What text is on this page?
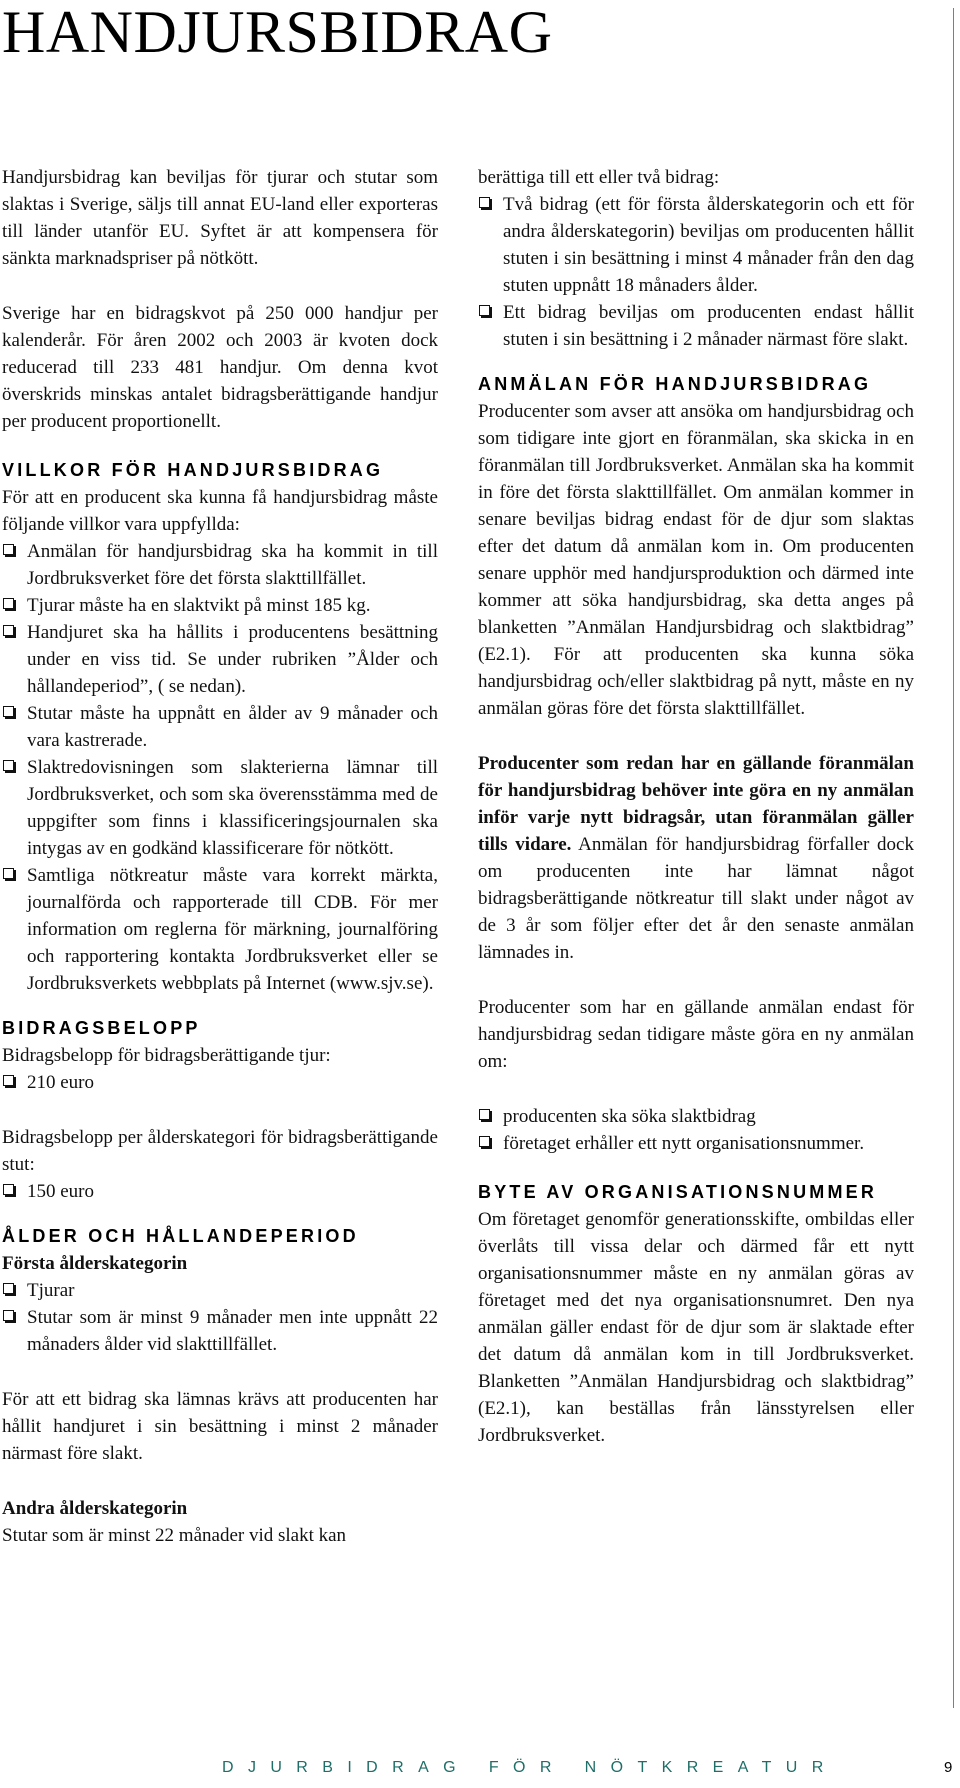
HANDJURSBIDRAG

Handjursbidrag kan beviljas för tjurar och stutar som slaktas i Sverige, säljs till annat EU-land eller exporteras till länder utanför EU. Syftet är att kompensera för sänkta marknadspriser på nötkött.

Sverige har en bidragskvot på 250 000 handjur per kalenderår. För åren 2002 och 2003 är kvoten dock reducerad till 233 481 handjur. Om denna kvot överskrids minskas antalet bidragsberättigande handjur per producent proportionellt.

VILLKOR FÖR HANDJURSBIDRAG

För att en producent ska kunna få handjursbidrag måste följande villkor vara uppfyllda:

Anmälan för handjursbidrag ska ha kommit in till Jordbruksverket före det första slakttillfället.
Tjurar måste ha en slaktvikt på minst 185 kg.
Handjuret ska ha hållits i producentens besättning under en viss tid. Se under rubriken ”Ålder och hållandeperiod”, ( se nedan).
Stutar måste ha uppnått en ålder av 9 månader och vara kastrerade.
Slaktredovisningen som slakterierna lämnar till Jordbruksverket, och som ska överensstämma med de uppgifter som finns i klassificeringsjournalen ska intygas av en godkänd klassificerare för nötkött.
Samtliga nötkreatur måste vara korrekt märkta, journalförda och rapporterade till CDB. För mer information om reglerna för märkning, journalföring och rapportering kontakta Jordbruksverket eller se Jordbruksverkets webbplats på Internet (www.sjv.se).
BIDRAGSBELOPP

Bidragsbelopp för bidragsberättigande tjur:

210 euro

Bidragsbelopp per ålderskategori för bidragsberättigande stut:

150 euro
ÅLDER OCH HÅLLANDEPERIOD

Första ålderskategorin

Tjurar
Stutar som är minst 9 månader men inte uppnått 22 månaders ålder vid slakttillfället.

För att ett bidrag ska lämnas krävs att producenten har hållit handjuret i sin besättning i minst 2 månader närmast före slakt.

Andra ålderskategorin

Stutar som är minst 22 månader vid slakt kan

berättiga till ett eller två bidrag:

Två bidrag (ett för första ålderskategorin och ett för andra ålderskategorin) beviljas om producenten hållit stuten i sin besättning i minst 4 månader från den dag stuten uppnått 18 månaders ålder.
Ett bidrag beviljas om producenten endast hållit stuten i sin besättning i 2 månader närmast före slakt.
ANMÄLAN FÖR HANDJURSBIDRAG

Producenter som avser att ansöka om handjursbidrag och som tidigare inte gjort en föranmälan, ska skicka in en föranmälan till Jordbruksverket. Anmälan ska ha kommit in före det första slakttillfället. Om anmälan kommer in senare beviljas bidrag endast för de djur som slaktas efter det datum då anmälan kom in. Om producenten senare upphör med handjursproduktion och därmed inte kommer att söka handjursbidrag, ska detta anges på blanketten ”Anmälan Handjursbidrag och slaktbidrag” (E2.1). För att producenten ska kunna söka handjursbidrag och/eller slaktbidrag på nytt, måste en ny anmälan göras före det första slakttillfället.

Producenter som redan har en gällande föranmälan för handjursbidrag behöver inte göra en ny anmälan inför varje nytt bidragsår, utan föranmälan gäller tills vidare. Anmälan för handjursbidrag förfaller dock om producenten inte har lämnat något bidragsberättigande nötkreatur till slakt under något av de 3 år som följer efter det år den senaste anmälan lämnades in.

Producenter som har en gällande anmälan endast för handjursbidrag sedan tidigare måste göra en ny anmälan om:

producenten ska söka slaktbidrag
företaget erhåller ett nytt organisationsnummer.
BYTE AV ORGANISATIONSNUMMER

Om företaget genomför generationsskifte, ombildas eller överlåts till vissa delar och därmed får ett nytt organisationsnummer måste en ny anmälan göras av företaget med det nya organisationsnumret. Den nya anmälan gäller endast för de djur som är slaktade efter det datum då anmälan kom in till Jordbruksverket. Blanketten ”Anmälan Handjursbidrag och slaktbidrag” (E2.1), kan beställas från länsstyrelsen eller Jordbruksverket.

DJURBIDRAG FÖR NÖTKREATUR	9
